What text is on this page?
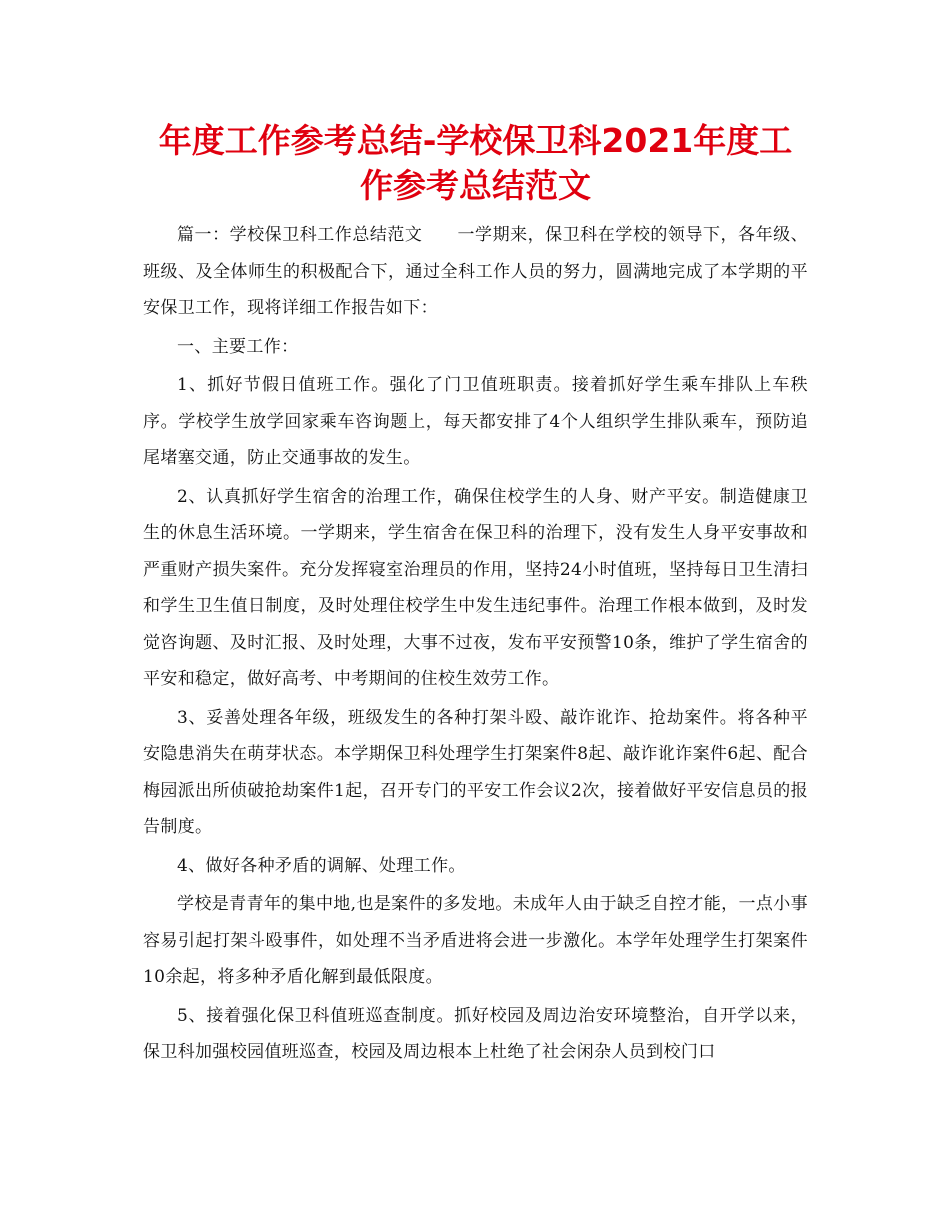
年度工作参考总结-学校保卫科2021年度工作参考总结范文

篇一：学校保卫科工作总结范文　　一学期来，保卫科在学校的领导下，各年级、班级、及全体师生的积极配合下，通过全科工作人员的努力，圆满地完成了本学期的平安保卫工作，现将详细工作报告如下：

一、主要工作：

1、抓好节假日值班工作。强化了门卫值班职责。接着抓好学生乘车排队上车秩序。学校学生放学回家乘车咨询题上，每天都安排了4个人组织学生排队乘车，预防追尾堵塞交通，防止交通事故的发生。

2、认真抓好学生宿舍的治理工作，确保住校学生的人身、财产平安。制造健康卫生的休息生活环境。一学期来，学生宿舍在保卫科的治理下，没有发生人身平安事故和严重财产损失案件。充分发挥寝室治理员的作用，坚持24小时值班，坚持每日卫生清扫和学生卫生值日制度，及时处理住校学生中发生违纪事件。治理工作根本做到，及时发觉咨询题、及时汇报、及时处理，大事不过夜，发布平安预警10条，维护了学生宿舍的平安和稳定，做好高考、中考期间的住校生效劳工作。

3、妥善处理各年级，班级发生的各种打架斗殴、敲诈讹诈、抢劫案件。将各种平安隐患消失在萌芽状态。本学期保卫科处理学生打架案件8起、敲诈讹诈案件6起、配合梅园派出所侦破抢劫案件1起，召开专门的平安工作会议2次，接着做好平安信息员的报告制度。

4、做好各种矛盾的调解、处理工作。

学校是青青年的集中地,也是案件的多发地。未成年人由于缺乏自控才能，一点小事容易引起打架斗殴事件，如处理不当矛盾进将会进一步激化。本学年处理学生打架案件10余起，将多种矛盾化解到最低限度。

5、接着强化保卫科值班巡查制度。抓好校园及周边治安环境整治，自开学以来，保卫科加强校园值班巡查，校园及周边根本上杜绝了社会闲杂人员到校门口
